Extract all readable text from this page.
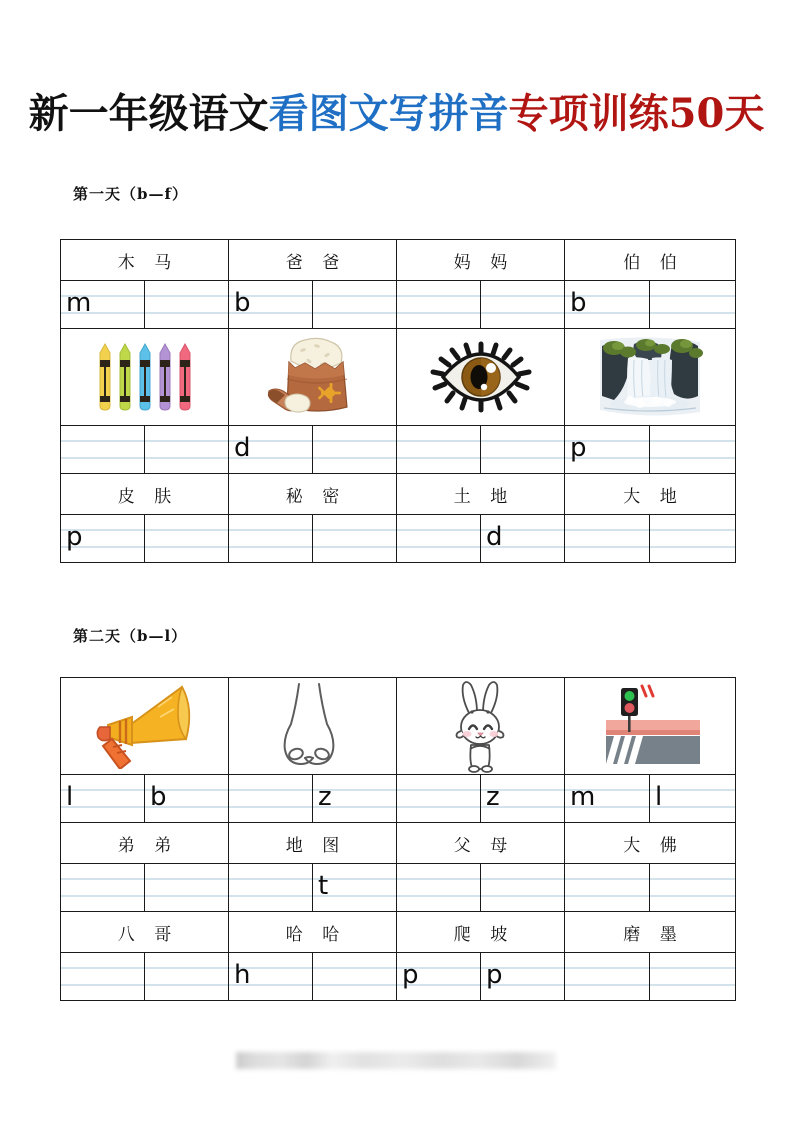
新一年级语文看图文写拼音专项训练50天
第一天（b—f）
木 马		爸 爸		妈 妈		伯 伯	

m		b				b	

		d				p	

皮 肤		秘 密		土 地		大 地	

p					d		

第二天（b—l）

l	b		z		z	m	l

弟 弟		地 图		父 母		大 佛	

			t				

八 哥		哈 哈		爬 坡		磨 墨	

		h		p	p		
